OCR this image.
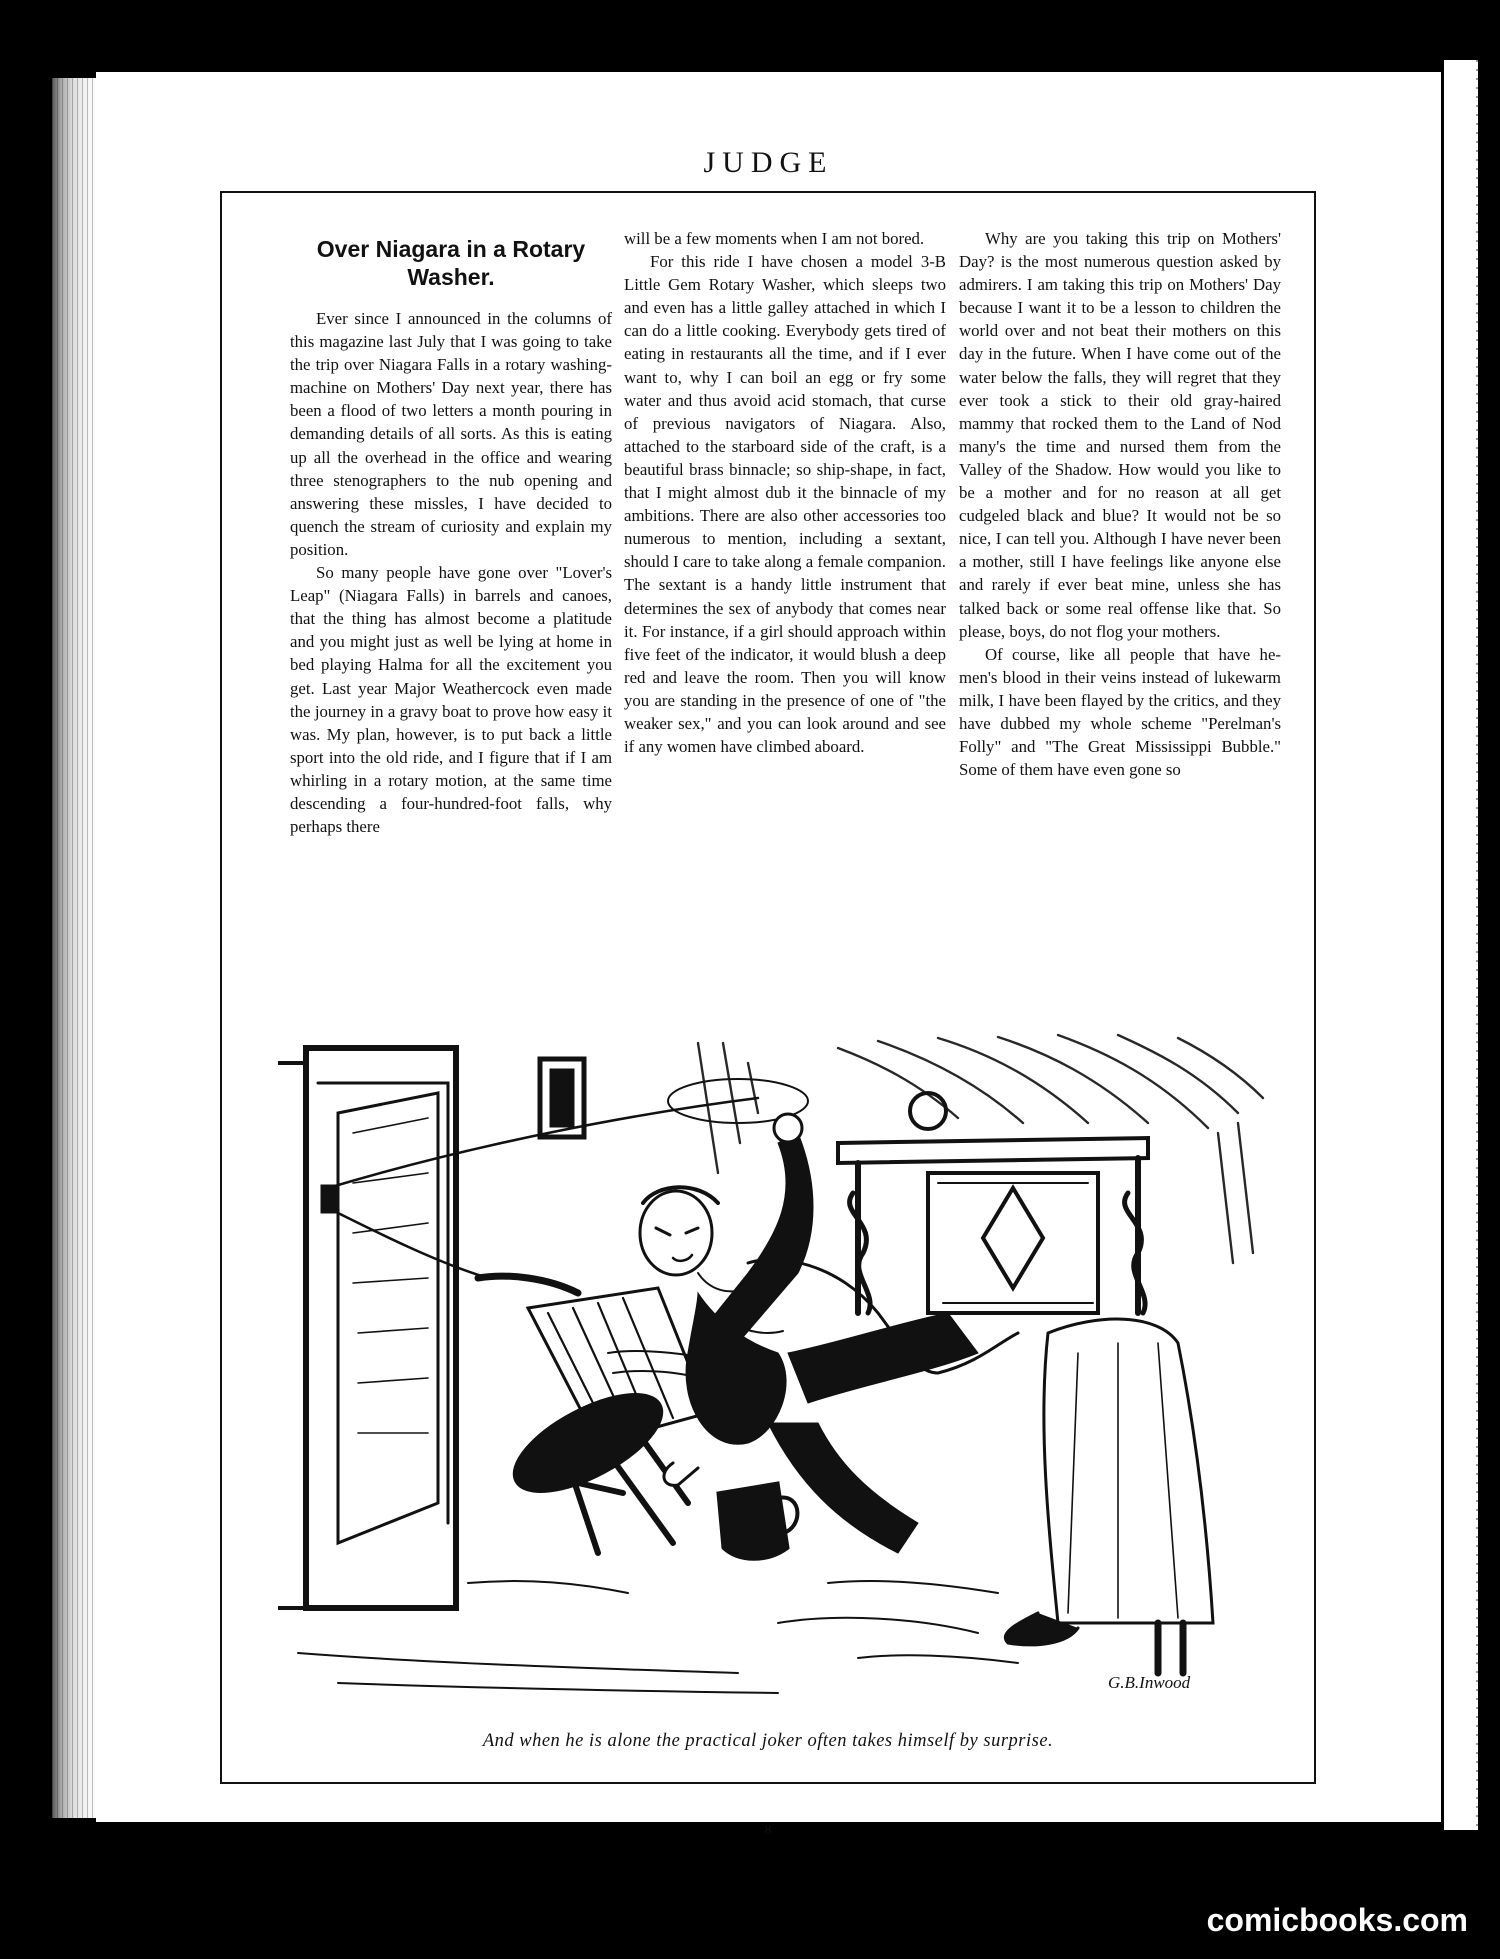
JUDGE
Over Niagara in a Rotary Washer.

Ever since I announced in the columns of this magazine last July that I was going to take the trip over Niagara Falls in a rotary washing-machine on Mothers' Day next year, there has been a flood of two letters a month pouring in demanding details of all sorts. As this is eating up all the overhead in the office and wearing three stenographers to the nub opening and answering these missles, I have decided to quench the stream of curiosity and explain my position.

So many people have gone over "Lover's Leap" (Niagara Falls) in barrels and canoes, that the thing has almost become a platitude and you might just as well be lying at home in bed playing Halma for all the excitement you get. Last year Major Weathercock even made the journey in a gravy boat to prove how easy it was. My plan, however, is to put back a little sport into the old ride, and I figure that if I am whirling in a rotary motion, at the same time descending a four-hundred-foot falls, why perhaps there

will be a few moments when I am not bored.

For this ride I have chosen a model 3-B Little Gem Rotary Washer, which sleeps two and even has a little galley attached in which I can do a little cooking. Everybody gets tired of eating in restaurants all the time, and if I ever want to, why I can boil an egg or fry some water and thus avoid acid stomach, that curse of previous navigators of Niagara. Also, attached to the starboard side of the craft, is a beautiful brass binnacle; so ship-shape, in fact, that I might almost dub it the binnacle of my ambitions. There are also other accessories too numerous to mention, including a sextant, should I care to take along a female companion. The sextant is a handy little instrument that determines the sex of anybody that comes near it. For instance, if a girl should approach within five feet of the indicator, it would blush a deep red and leave the room. Then you will know you are standing in the presence of one of "the weaker sex," and you can look around and see if any women have climbed aboard.

Why are you taking this trip on Mothers' Day? is the most numerous question asked by admirers. I am taking this trip on Mothers' Day because I want it to be a lesson to children the world over and not beat their mothers on this day in the future. When I have come out of the water below the falls, they will regret that they ever took a stick to their old gray-haired mammy that rocked them to the Land of Nod many's the time and nursed them from the Valley of the Shadow. How would you like to be a mother and for no reason at all get cudgeled black and blue? It would not be so nice, I can tell you. Although I have never been a mother, still I have feelings like anyone else and rarely if ever beat mine, unless she has talked back or some real offense like that. So please, boys, do not flog your mothers.

Of course, like all people that have he-men's blood in their veins instead of lukewarm milk, I have been flayed by the critics, and they have dubbed my whole scheme "Perelman's Folly" and "The Great Mississippi Bubble." Some of them have even gone so

G.B.Inwood
And when he is alone the practical joker often takes himself by surprise.
8
comicbooks.com
